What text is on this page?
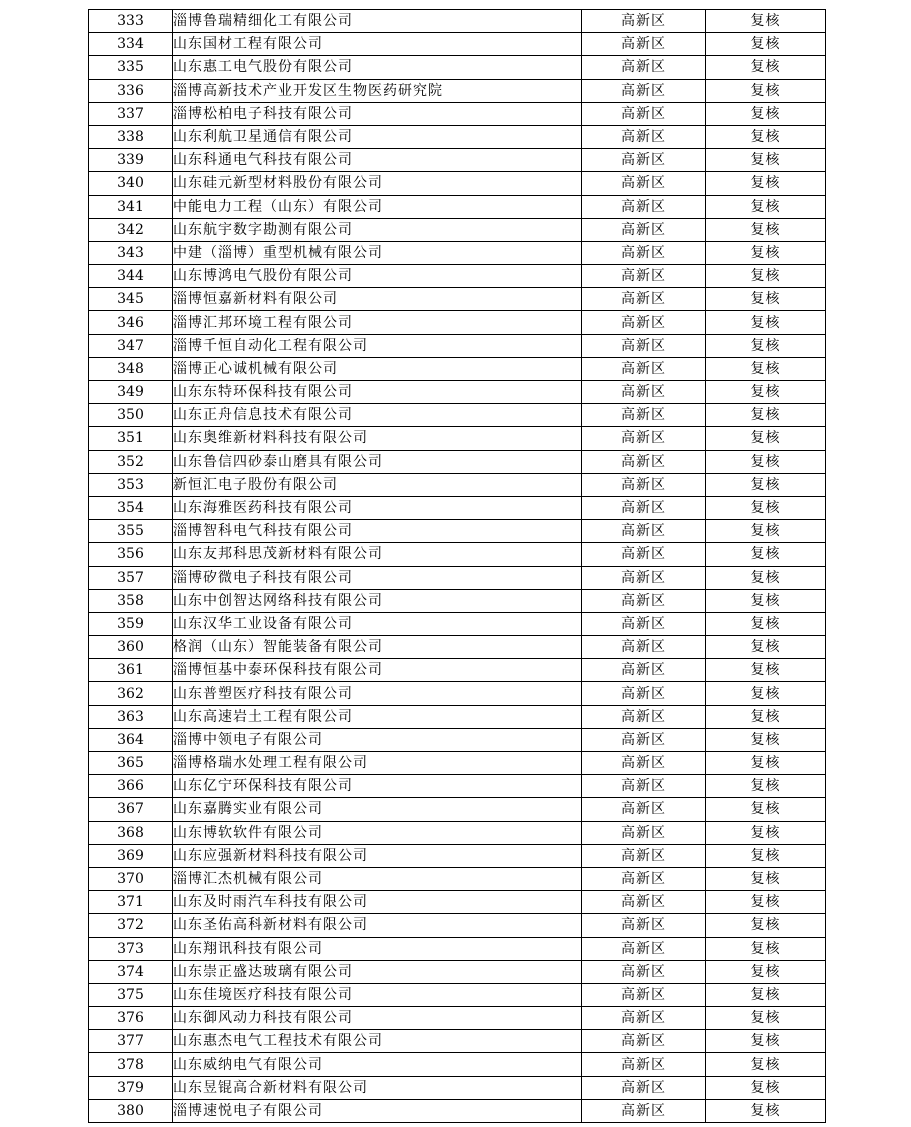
333	淄博鲁瑞精细化工有限公司	高新区	复核
334	山东国材工程有限公司	高新区	复核
335	山东惠工电气股份有限公司	高新区	复核
336	淄博高新技术产业开发区生物医药研究院	高新区	复核
337	淄博松柏电子科技有限公司	高新区	复核
338	山东利航卫星通信有限公司	高新区	复核
339	山东科通电气科技有限公司	高新区	复核
340	山东硅元新型材料股份有限公司	高新区	复核
341	中能电力工程（山东）有限公司	高新区	复核
342	山东航宇数字勘测有限公司	高新区	复核
343	中建（淄博）重型机械有限公司	高新区	复核
344	山东博鸿电气股份有限公司	高新区	复核
345	淄博恒嘉新材料有限公司	高新区	复核
346	淄博汇邦环境工程有限公司	高新区	复核
347	淄博千恒自动化工程有限公司	高新区	复核
348	淄博正心诚机械有限公司	高新区	复核
349	山东东特环保科技有限公司	高新区	复核
350	山东正舟信息技术有限公司	高新区	复核
351	山东奥维新材料科技有限公司	高新区	复核
352	山东鲁信四砂泰山磨具有限公司	高新区	复核
353	新恒汇电子股份有限公司	高新区	复核
354	山东海雅医药科技有限公司	高新区	复核
355	淄博智科电气科技有限公司	高新区	复核
356	山东友邦科思茂新材料有限公司	高新区	复核
357	淄博矽微电子科技有限公司	高新区	复核
358	山东中创智达网络科技有限公司	高新区	复核
359	山东汉华工业设备有限公司	高新区	复核
360	格润（山东）智能装备有限公司	高新区	复核
361	淄博恒基中泰环保科技有限公司	高新区	复核
362	山东普塑医疗科技有限公司	高新区	复核
363	山东高速岩土工程有限公司	高新区	复核
364	淄博中领电子有限公司	高新区	复核
365	淄博格瑞水处理工程有限公司	高新区	复核
366	山东亿宁环保科技有限公司	高新区	复核
367	山东嘉腾实业有限公司	高新区	复核
368	山东博软软件有限公司	高新区	复核
369	山东应强新材料科技有限公司	高新区	复核
370	淄博汇杰机械有限公司	高新区	复核
371	山东及时雨汽车科技有限公司	高新区	复核
372	山东圣佑高科新材料有限公司	高新区	复核
373	山东翔讯科技有限公司	高新区	复核
374	山东崇正盛达玻璃有限公司	高新区	复核
375	山东佳境医疗科技有限公司	高新区	复核
376	山东御风动力科技有限公司	高新区	复核
377	山东惠杰电气工程技术有限公司	高新区	复核
378	山东威纳电气有限公司	高新区	复核
379	山东昱锟高合新材料有限公司	高新区	复核
380	淄博速悦电子有限公司	高新区	复核
